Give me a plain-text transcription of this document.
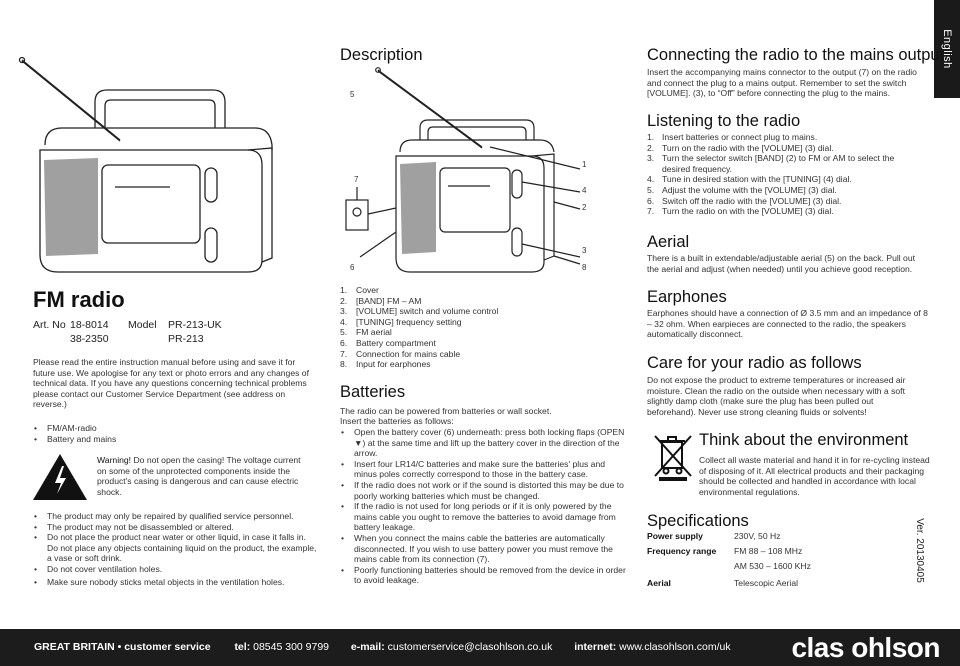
English
FM radio
Art. No 18-8014	Model	PR-213-UK
38-2350	PR-213

Please read the entire instruction manual before using and save it for future use. We apologise for any text or photo errors and any changes of technical data. If you have any questions concerning technical problems please contact our Customer Service Department (see address on reverse.)

•	FM/AM-radio
•	Battery and mains

Warning! Do not open the casing! The voltage current on some of the unprotected components inside the product's casing is dangerous and can cause electric shock.

•	The product may only be repaired by qualified service personnel.
•	The product may not be disassembled or altered.
•	Do not place the product near water or other liquid, in case it falls in. Do not place any objects containing liquid on the product, the example, a vase or soft drink.
•	Do not cover ventilation holes.
•	Make sure nobody sticks metal objects in the ventilation holes.
Description
5
7
6
1
4
2
3
8
1.	Cover
2.	[BAND] FM – AM
3.	[VOLUME] switch and volume control
4.	[TUNING] frequency setting
5.	FM aerial
6.	Battery compartment
7.	Connection for mains cable
8.	Input for earphones
Batteries

The radio can be powered from batteries or wall socket.

Insert the batteries as follows:

•	Open the battery cover (6) underneath: press both locking flaps (OPEN ▼) at the same time and lift up the battery cover in the direction of the arrow.
•	Insert four LR14/C batteries and make sure the batteries' plus and minus poles correctly correspond to those in the battery case.
•	If the radio does not work or if the sound is distorted this may be due to poorly working batteries which must be changed.
•	If the radio is not used for long periods or if it is only powered by the mains cable you ought to remove the batteries to avoid damage from battery leakage.
•	When you connect the mains cable the batteries are automatically disconnected. If you wish to use battery power you must remove the mains cable from its connection (7).
•	Poorly functioning batteries should be removed from the device in order to avoid leakage.
Connecting the radio to the mains output

Insert the accompanying mains connector to the output (7) on the radio and connect the plug to a mains output. Remember to set the switch [VOLUME]. (3), to “Off” before connecting the plug to the mains.

Listening to the radio
1. Insert batteries or connect plug to mains.
2. Turn on the radio with the [VOLUME] (3) dial.
3. Turn the selector switch [BAND] (2) to FM or AM to select the desired frequency.
4. Tune in desired station with the [TUNING] (4) dial.
5. Adjust the volume with the [VOLUME] (3) dial.
6. Switch off the radio with the [VOLUME] (3) dial.
7. Turn the radio on with the [VOLUME] (3) dial.
Aerial

There is a built in extendable/adjustable aerial (5) on the back. Pull out the aerial and adjust (when needed) until you achieve good reception.

Earphones

Earphones should have a connection of Ø 3.5 mm and an impedance of 8 – 32 ohm. When earpieces are connected to the radio, the speakers automatically disconnect.

Care for your radio as follows

Do not expose the product to extreme temperatures or increased air moisture. Clean the radio on the outside when necessary with a soft slightly damp cloth (make sure the plug has been pulled out beforehand). Never use strong cleaning fluids or solvents!

Think about the environment

Collect all waste material and hand it in for re-cycling instead of disposing of it. All electrical products and their packaging should be collected and handled in accordance with local environmental regulations.

Specifications
Power supply	230V, 50 Hz
Frequency range	FM 88 – 108 MHz
AM 530 – 1600 KHz
Aerial	Telescopic Aerial
Ver. 20130405
GREAT BRITAIN • customer service tel: 08545 300 9799 e-mail: customerservice@clasohlson.co.uk internet: www.clasohlson.com/uk clas ohlson
